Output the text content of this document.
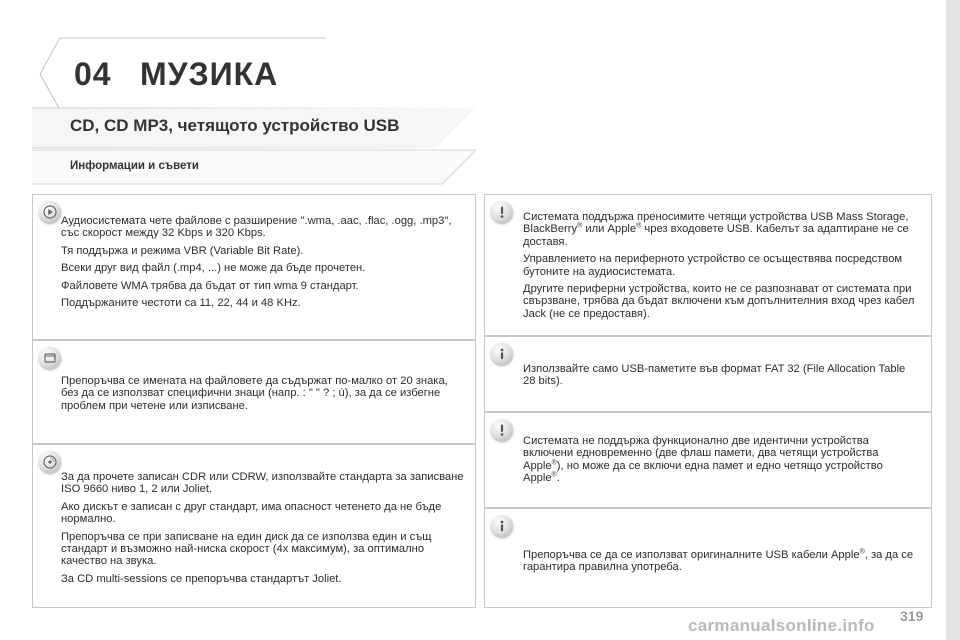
04 МУЗИКА
CD, CD MP3, четящото устройство USB
Информации и съвети

Аудиосистемата чете файлове с разширение ".wma, .aac, .flac, .ogg, .mp3", със скорост между 32 Kbps и 320 Kbps.

Тя поддържа и режима VBR (Variable Bit Rate).

Всеки друг вид файл (.mp4, ...) не може да бъде прочетен.

Файловете WMA трябва да бъдат от тип wma 9 стандарт.

Поддържаните честоти са 11, 22, 44 и 48 KHz.

Препоръчва се имената на файловете да съдържат по-малко от 20 знака, без да се използват специфични знаци (напр. : " " ? ; ù), за да се избегне проблем при четене или изписване.

За да прочете записан CDR или CDRW, използвайте стандарта за записване ISO 9660 ниво 1, 2 или Joliet.

Ако дискът е записан с друг стандарт, има опасност четенето да не бъде нормално.

Препоръчва се при записване на един диск да се използва един и същ стандарт и възможно най-ниска скорост (4x максимум), за оптимално качество на звука.

За CD multi-sessions се препоръчва стандартът Joliet.

Системата поддържа преносимите четящи устройства USB Mass Storage, BlackBerry® или Apple® чрез входовете USB. Кабелът за адаптиране не се доставя.

Управлението на периферното устройство се осъществява посредством бутоните на аудиосистемата.

Другите периферни устройства, които не се разпознават от системата при свързване, трябва да бъдат включени към допълнителния вход чрез кабел Jack (не се предоставя).

Използвайте само USB-паметите във формат FAT 32 (File Allocation Table 28 bits).

Системата не поддържа функционално две идентични устройства включени едновременно (две флаш памети, два четящи устройства Apple®), но може да се включи една памет и едно четящо устройство Apple®.

Препоръчва се да се използват оригиналните USB кабели Apple®, за да се гарантира правилна употреба.

319
carmanualsonline.info
